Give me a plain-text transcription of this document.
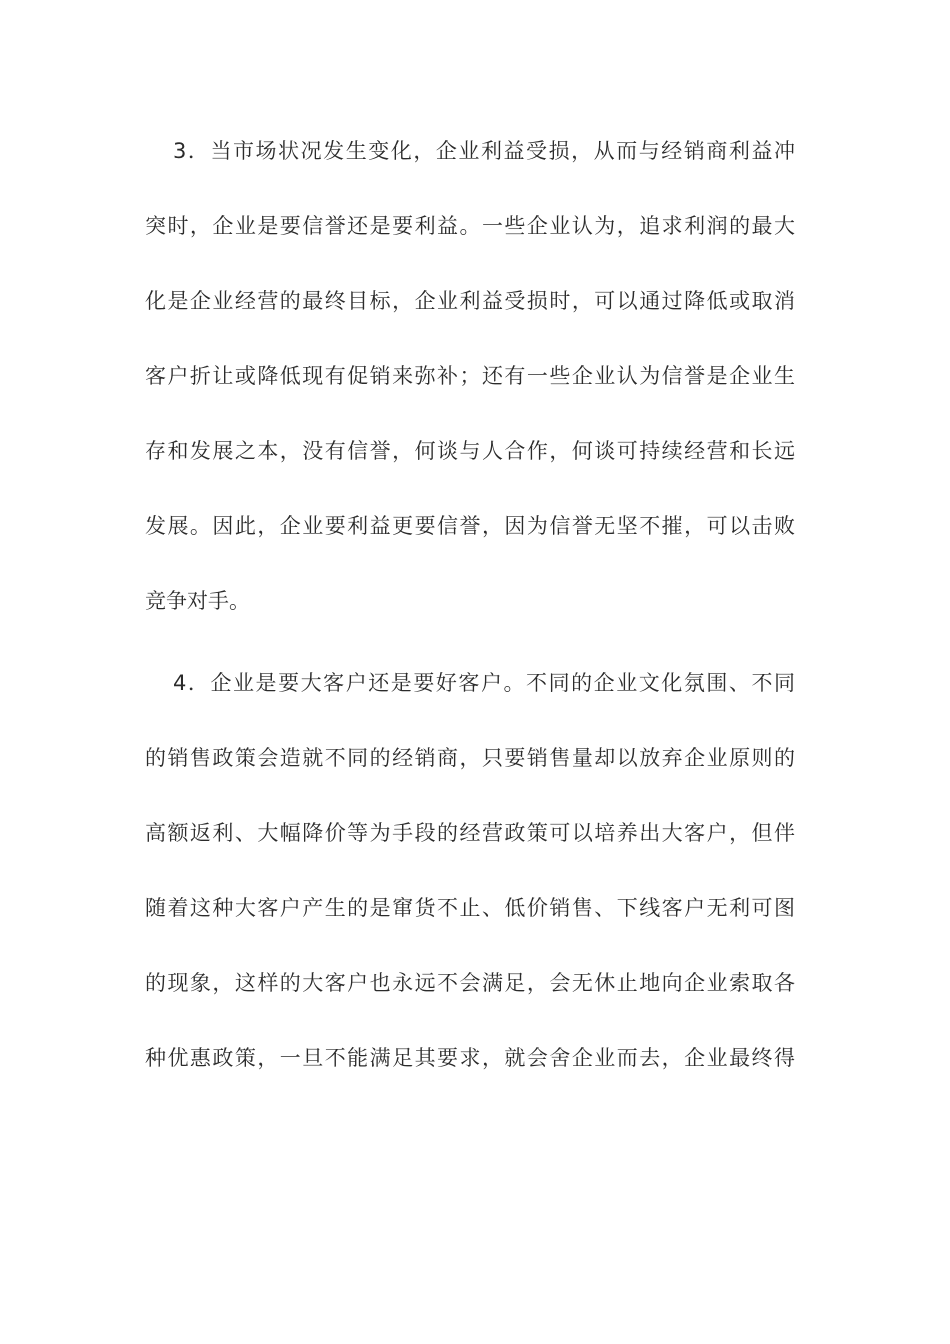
3．当市场状况发生变化，企业利益受损，从而与经销商利益冲
突时，企业是要信誉还是要利益。一些企业认为，追求利润的最大
化是企业经营的最终目标，企业利益受损时，可以通过降低或取消
客户折让或降低现有促销来弥补；还有一些企业认为信誉是企业生
存和发展之本，没有信誉，何谈与人合作，何谈可持续经营和长远
发展。因此，企业要利益更要信誉，因为信誉无坚不摧，可以击败
竞争对手。
4．企业是要大客户还是要好客户。不同的企业文化氛围、不同
的销售政策会造就不同的经销商，只要销售量却以放弃企业原则的
高额返利、大幅降价等为手段的经营政策可以培养出大客户，但伴
随着这种大客户产生的是窜货不止、低价销售、下线客户无利可图
的现象，这样的大客户也永远不会满足，会无休止地向企业索取各
种优惠政策，一旦不能满足其要求，就会舍企业而去，企业最终得
